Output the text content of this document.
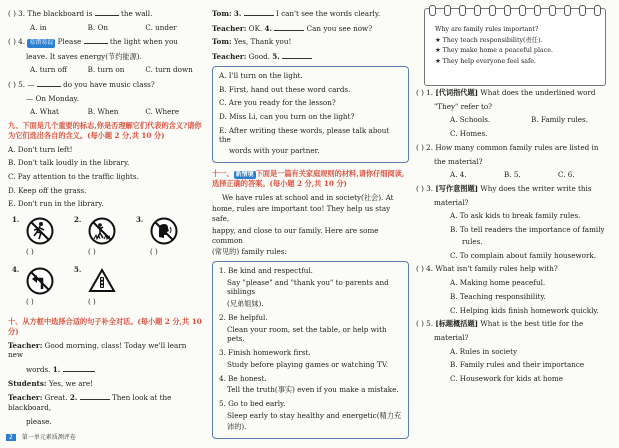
( ) 3. The blackboard is	the wall.
A. in	B. On	C. under
( ) 4. 易错易混 Please	the light when you
leave. It saves energy(节约能源).
A. turn off	B. turn on	C. turn down
( ) 5. —	do you have music class?
— On Monday.
A. What	B. When	C. Where
九、下面是几个重要的标志,你是否理解它们代表的含义?请你为它们选出各自的含义。(每小题 2 分,共 10 分)
A. Don't turn left!
B. Don't talk loudly in the library.
C. Pay attention to the traffic lights.
D. Keep off the grass.
E. Don't run in the library.
1.
( )
2.
( )
3.
( )
4.
( )
5.
( )
十、从方框中选择合适的句子补全对话。(每小题 2 分,共 10 分)
Teacher: Good morning, class! Today we'll learn new
words. 1.
Students: Yes, we are!
Teacher: Great. 2.	Then look at the blackboard,
please.
Tom: 3.	I can't see the words clearly.
Teacher: OK. 4.	Can you see now?
Tom: Yes, Thank you!
Teacher: Good. 5.
A. I'll turn on the light.
B. First, hand out these word cards.
C. Are you ready for the lesson?
D. Miss Li, can you turn on the light?
E. After writing these words, please talk about the
words with your partner.
十一、 新情境 下面是一篇有关家庭规则的材料,请你仔细阅读,选择正确的答案。(每小题 2 分,共 10 分)
We have rules at school and in society(社会). At
home, rules are important too! They help us stay safe,
happy, and close to our family. Here are some common
(常见的) family rules:
1. Be kind and respectful.
Say "please" and "thank you" to parents and siblings
(兄弟姐妹).
2. Be helpful.
Clean your room, set the table, or help with pets.
3. Finish homework first.
Study before playing games or watching TV.
4. Be honest.
Tell the truth(事实) even if you make a mistake.
5. Go to bed early.
Sleep early to stay healthy and energetic(精力充
沛的).
Why are family rules important?
★ They teach responsibility(责任).
★ They make home a peaceful place.
★ They help everyone feel safe.
( ) 1. [代词指代题] What does the underlined word
"They" refer to?
A. Schools.	B. Family rules.
C. Homes.
( ) 2. How many common family rules are listed in
the material?
A. 4.	B. 5.	C. 6.
( ) 3. [写作意图题] Why does the writer write this
material?
A. To ask kids to break family rules.
B. To tell readers the importance of family
rules.
C. To complain about family housework.
( ) 4. What isn't family rules help with?
A. Making home peaceful.
B. Teaching responsibility.
C. Helping kids finish homework quickly.
( ) 5. [标题概括题] What is the best title for the
material?
A. Rules in society
B. Family rules and their importance
C. Housework for kids at home
2 第一单元素质测评卷
